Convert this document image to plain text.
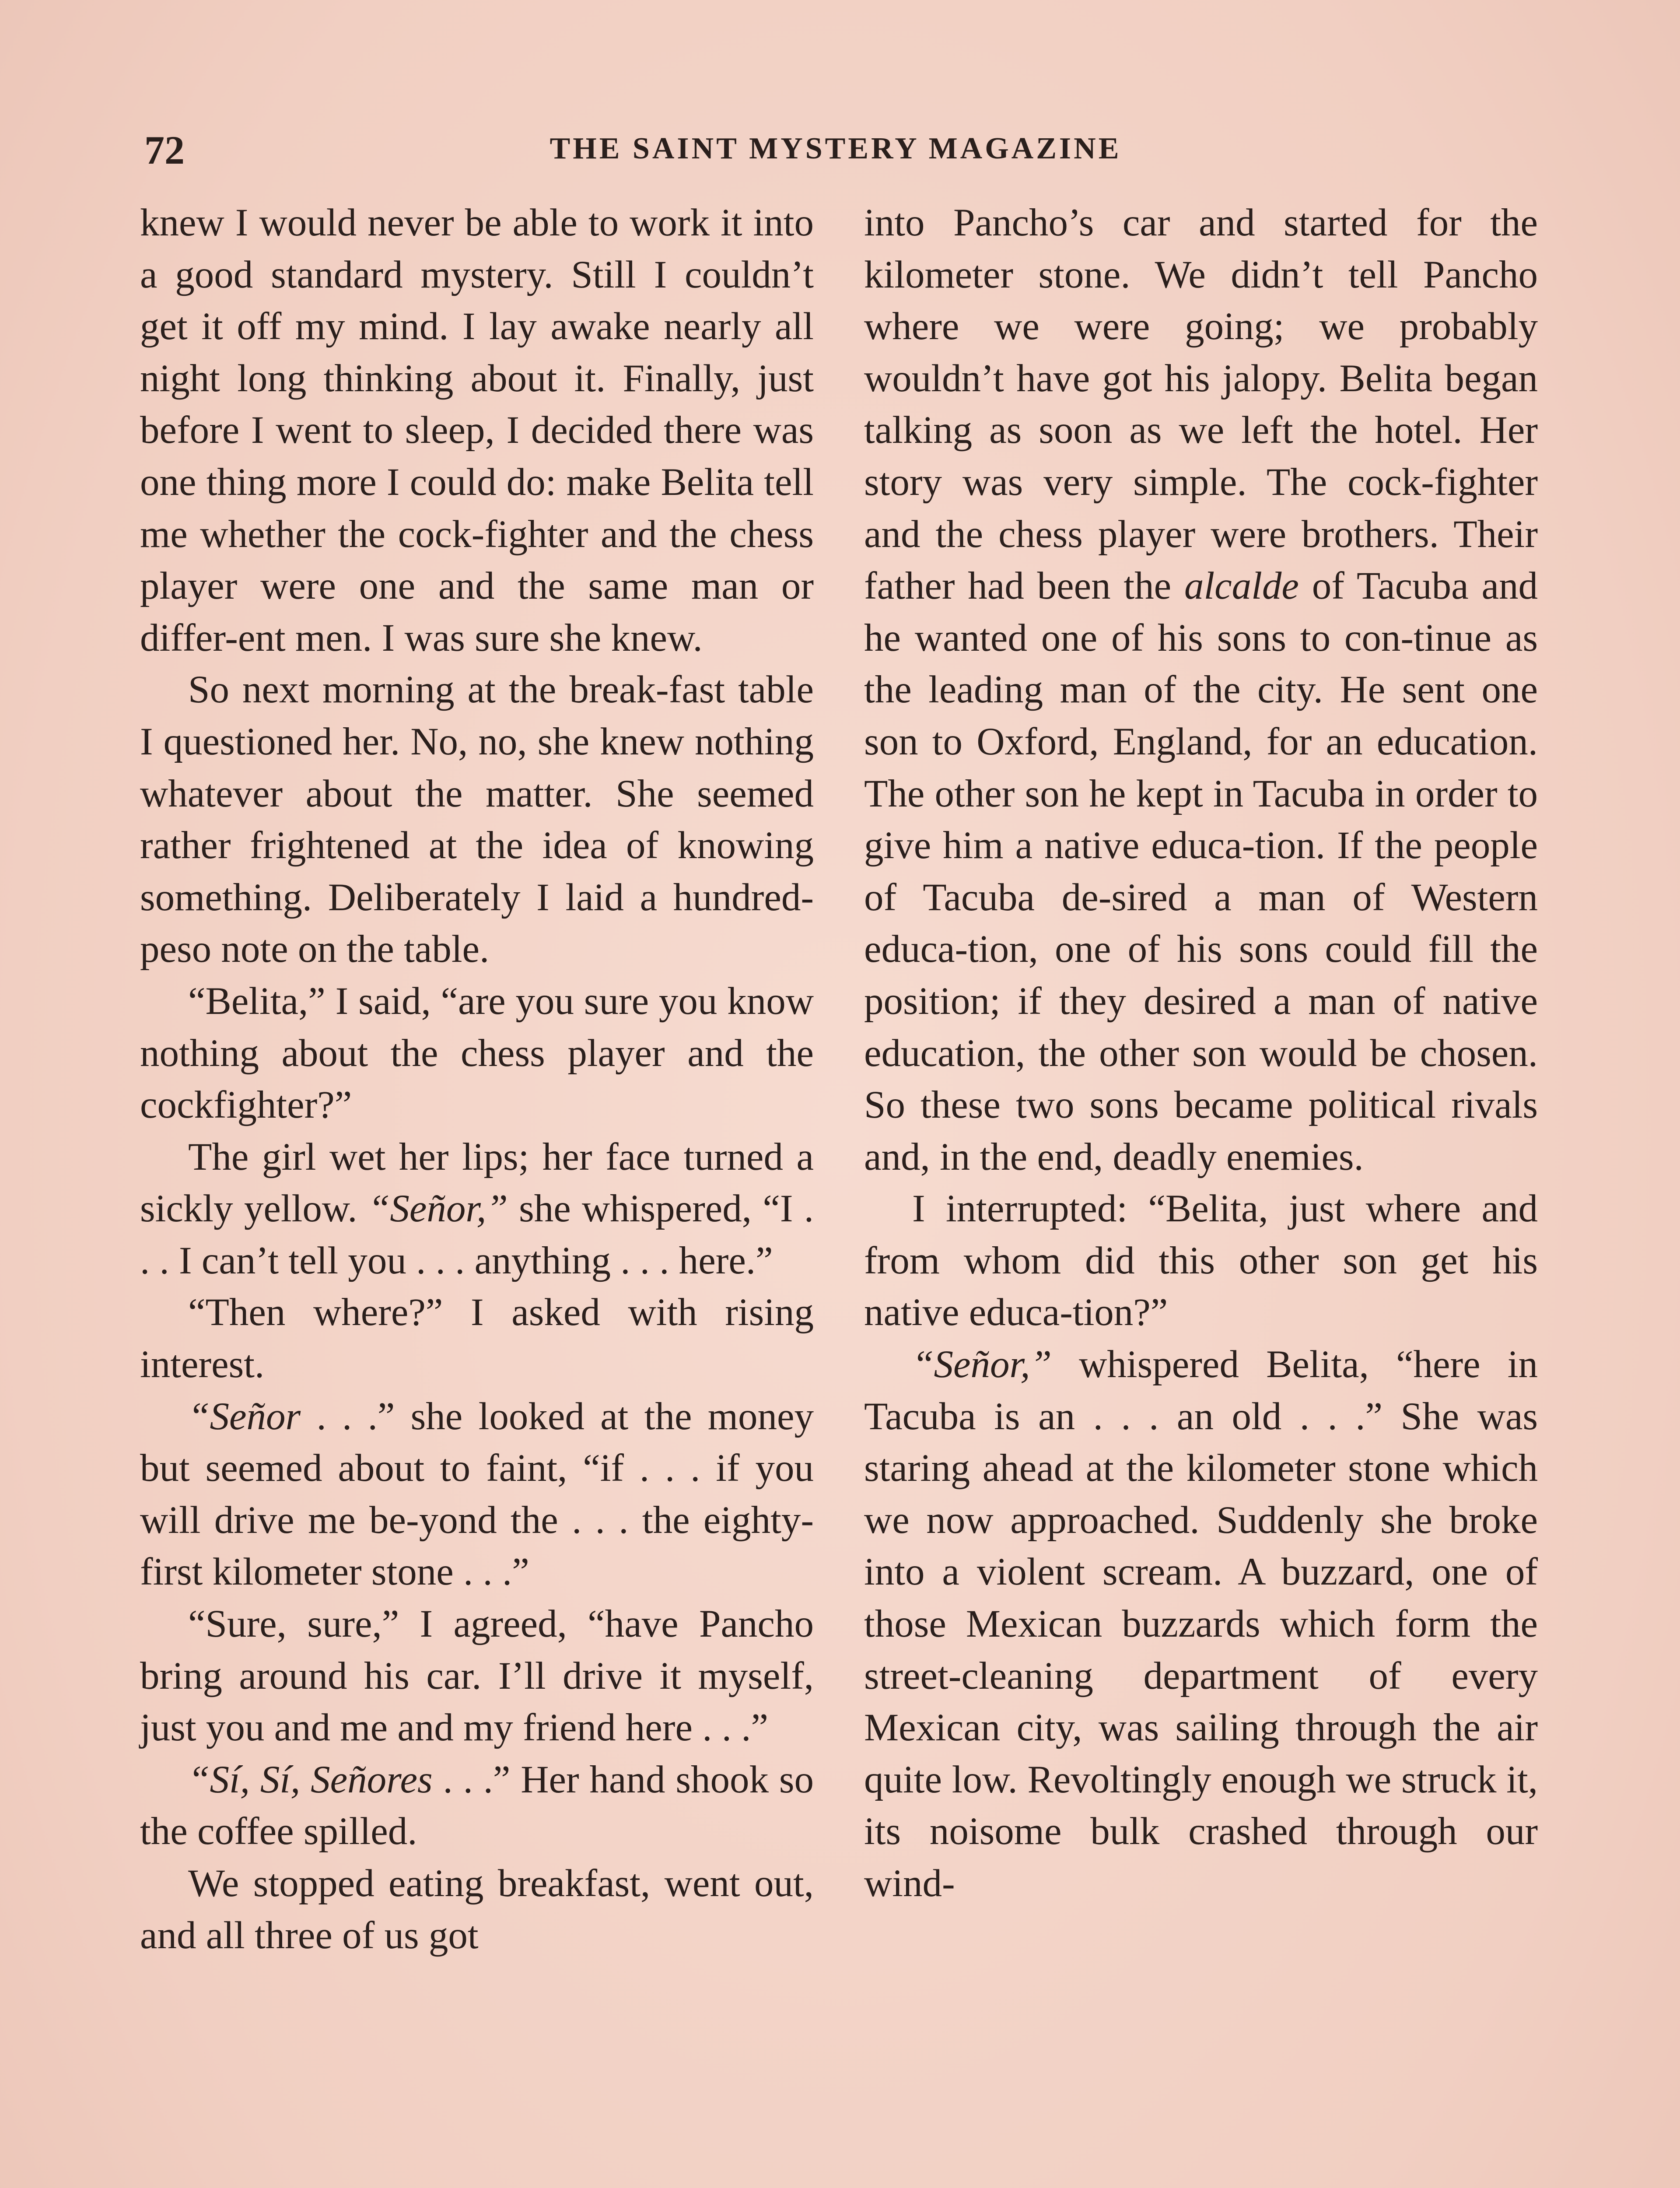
72	THE SAINT MYSTERY MAGAZINE

knew I would never be able to work it into a good standard mystery. Still I couldn’t get it off my mind. I lay awake nearly all night long thinking about it. Finally, just before I went to sleep, I decided there was one thing more I could do: make Belita tell me whether the cock-fighter and the chess player were one and the same man or differ-ent men. I was sure she knew.

So next morning at the break-fast table I questioned her. No, no, she knew nothing whatever about the matter. She seemed rather frightened at the idea of knowing something. Deliberately I laid a hundred-peso note on the table.

“Belita,” I said, “are you sure you know nothing about the chess player and the cockfighter?”

The girl wet her lips; her face turned a sickly yellow. “Señor,” she whispered, “I . . . I can’t tell you . . . anything . . . here.”

“Then where?” I asked with rising interest.

“Señor . . .” she looked at the money but seemed about to faint, “if . . . if you will drive me be-yond the . . . the eighty-first kilometer stone . . .”

“Sure, sure,” I agreed, “have Pancho bring around his car. I’ll drive it myself, just you and me and my friend here . . .”

“Sí, Sí, Señores . . .” Her hand shook so the coffee spilled.

We stopped eating breakfast, went out, and all three of us got

into Pancho’s car and started for the kilometer stone. We didn’t tell Pancho where we were going; we probably wouldn’t have got his jalopy. Belita began talking as soon as we left the hotel. Her story was very simple. The cock-fighter and the chess player were brothers. Their father had been the alcalde of Tacuba and he wanted one of his sons to con-tinue as the leading man of the city. He sent one son to Oxford, England, for an education. The other son he kept in Tacuba in order to give him a native educa-tion. If the people of Tacuba de-sired a man of Western educa-tion, one of his sons could fill the position; if they desired a man of native education, the other son would be chosen. So these two sons became political rivals and, in the end, deadly enemies.

I interrupted: “Belita, just where and from whom did this other son get his native educa-tion?”

“Señor,” whispered Belita, “here in Tacuba is an . . . an old . . .” She was staring ahead at the kilometer stone which we now approached. Suddenly she broke into a violent scream. A buzzard, one of those Mexican buzzards which form the street-cleaning department of every Mexican city, was sailing through the air quite low. Revoltingly enough we struck it, its noisome bulk crashed through our wind-
